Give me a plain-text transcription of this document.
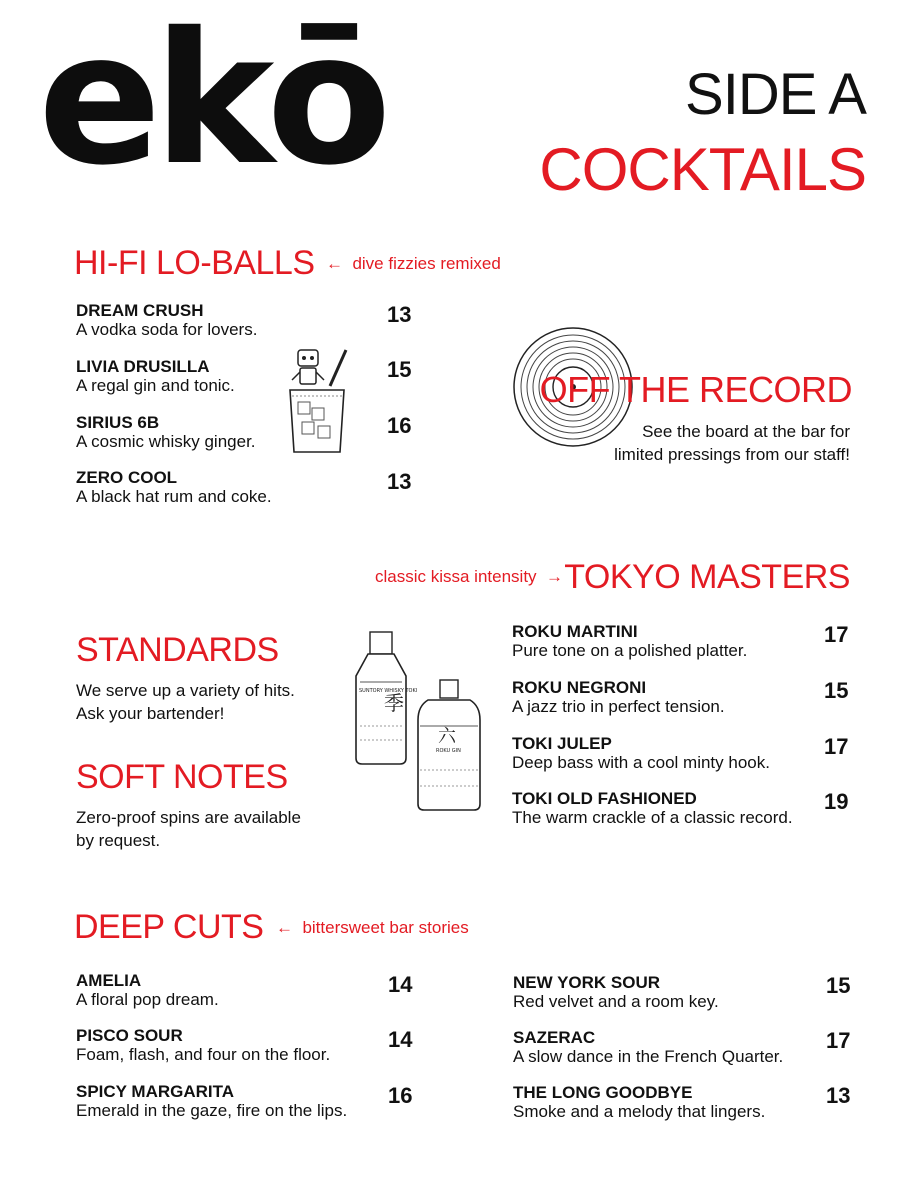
ekō	SIDE A
COCKTAILS
HI-FI LO-BALLS ← dive fizzies remixed
DREAM CRUSH
A vodka soda for lovers.
13
LIVIA DRUSILLA
A regal gin and tonic.
15
SIRIUS 6B
A cosmic whisky ginger.
16
ZERO COOL
A black hat rum and coke.
13
OFF THE RECORD
See the board at the bar for
limited pressings from our staff!
classic kissa intensity → TOKYO MASTERS
ROKU MARTINI
Pure tone on a polished platter.
17
ROKU NEGRONI
A jazz trio in perfect tension.
15
TOKI JULEP
Deep bass with a cool minty hook.
17
TOKI OLD FASHIONED
The warm crackle of a classic record.
19
STANDARDS
We serve up a variety of hits.
Ask your bartender!
SOFT NOTES
Zero-proof spins are available
by request.
SUNTORY WHISKY TOKI
季
六
ROKU GIN
DEEP CUTS ← bittersweet bar stories
AMELIA
A floral pop dream.
14
PISCO SOUR
Foam, flash, and four on the floor.
14
SPICY MARGARITA
Emerald in the gaze, fire on the lips.
16
NEW YORK SOUR
Red velvet and a room key.
15
SAZERAC
A slow dance in the French Quarter.
17
THE LONG GOODBYE
Smoke and a melody that lingers.
13
